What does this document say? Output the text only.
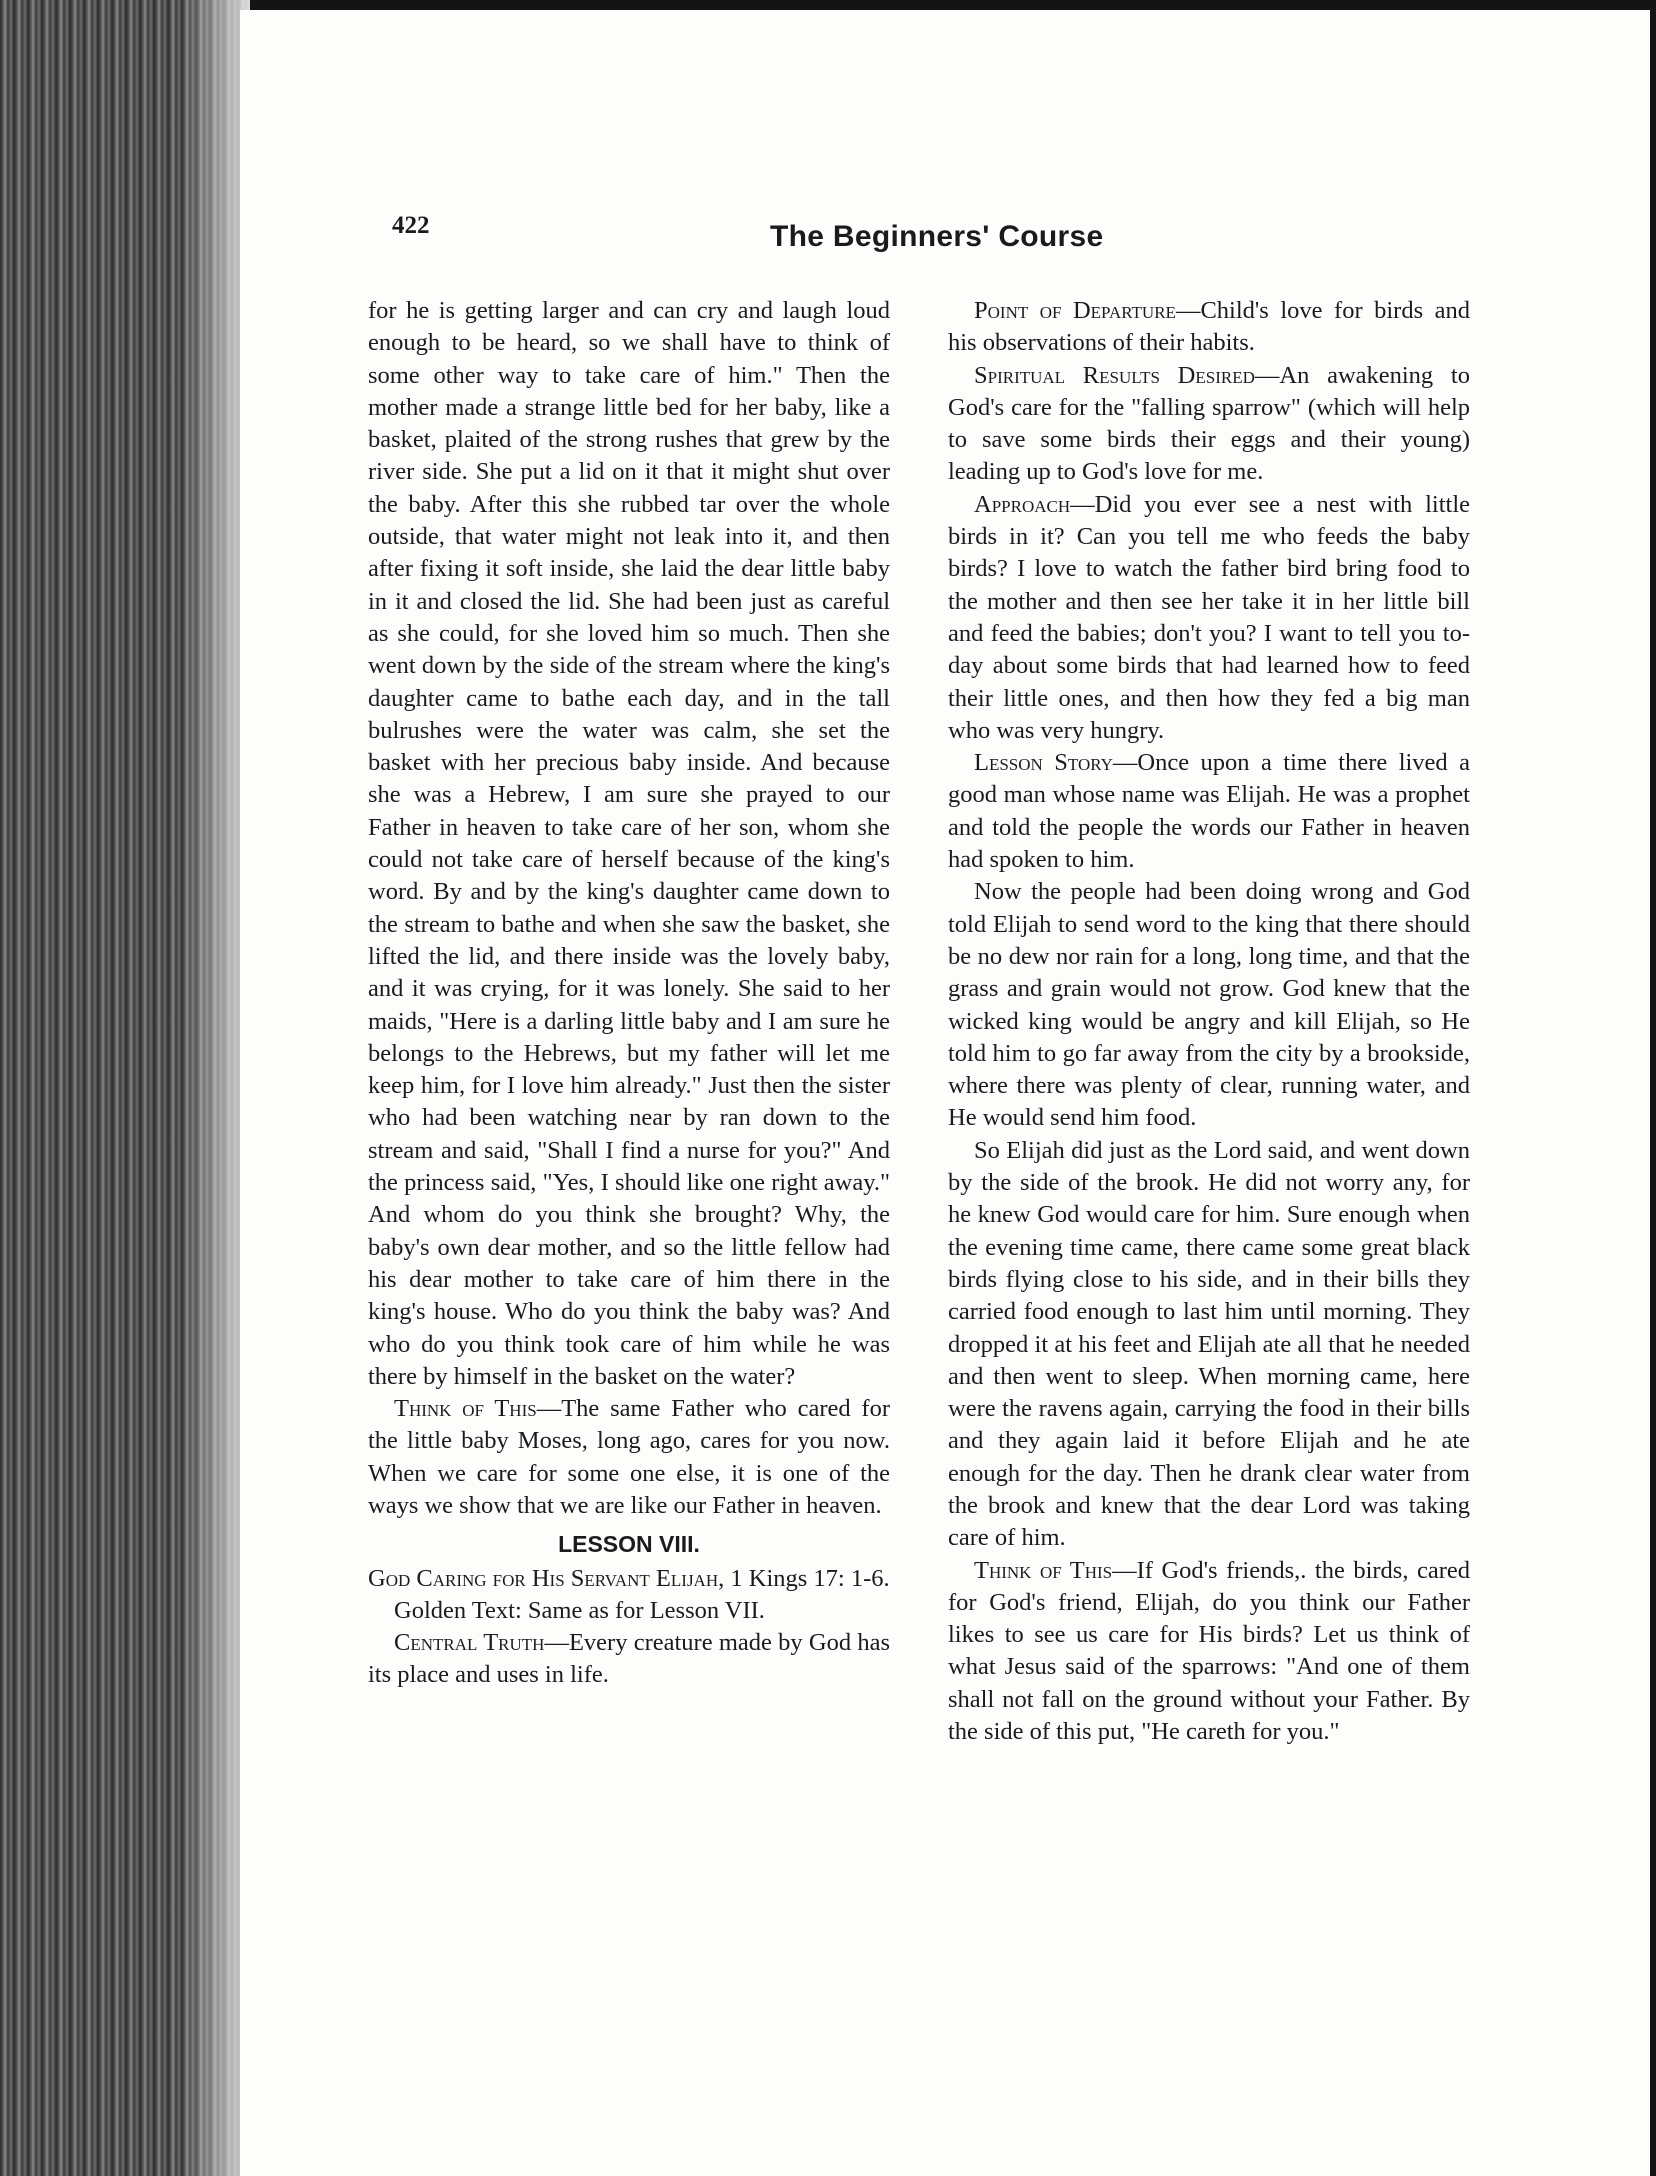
422	The Beginners' Course

for he is getting larger and can cry and laugh loud enough to be heard, so we shall have to think of some other way to take care of him." Then the mother made a strange little bed for her baby, like a basket, plaited of the strong rushes that grew by the river side. She put a lid on it that it might shut over the baby. After this she rubbed tar over the whole outside, that water might not leak into it, and then after fixing it soft inside, she laid the dear little baby in it and closed the lid. She had been just as careful as she could, for she loved him so much. Then she went down by the side of the stream where the king's daughter came to bathe each day, and in the tall bulrushes were the water was calm, she set the basket with her precious baby inside. And because she was a Hebrew, I am sure she prayed to our Father in heaven to take care of her son, whom she could not take care of herself because of the king's word. By and by the king's daughter came down to the stream to bathe and when she saw the basket, she lifted the lid, and there inside was the lovely baby, and it was crying, for it was lonely. She said to her maids, "Here is a darling little baby and I am sure he belongs to the Hebrews, but my father will let me keep him, for I love him already." Just then the sister who had been watching near by ran down to the stream and said, "Shall I find a nurse for you?" And the princess said, "Yes, I should like one right away." And whom do you think she brought? Why, the baby's own dear mother, and so the little fellow had his dear mother to take care of him there in the king's house. Who do you think the baby was? And who do you think took care of him while he was there by himself in the basket on the water?

Think of This—The same Father who cared for the little baby Moses, long ago, cares for you now. When we care for some one else, it is one of the ways we show that we are like our Father in heaven.

LESSON VIII.

God Caring for His Servant Elijah, 1 Kings 17: 1-6.

Golden Text: Same as for Lesson VII.

Central Truth—Every creature made by God has its place and uses in life.

Point of Departure—Child's love for birds and his observations of their habits.

Spiritual Results Desired—An awakening to God's care for the "falling sparrow" (which will help to save some birds their eggs and their young) leading up to God's love for me.

Approach—Did you ever see a nest with little birds in it? Can you tell me who feeds the baby birds? I love to watch the father bird bring food to the mother and then see her take it in her little bill and feed the babies; don't you? I want to tell you to-day about some birds that had learned how to feed their little ones, and then how they fed a big man who was very hungry.

Lesson Story—Once upon a time there lived a good man whose name was Elijah. He was a prophet and told the people the words our Father in heaven had spoken to him.

Now the people had been doing wrong and God told Elijah to send word to the king that there should be no dew nor rain for a long, long time, and that the grass and grain would not grow. God knew that the wicked king would be angry and kill Elijah, so He told him to go far away from the city by a brookside, where there was plenty of clear, running water, and He would send him food.

So Elijah did just as the Lord said, and went down by the side of the brook. He did not worry any, for he knew God would care for him. Sure enough when the evening time came, there came some great black birds flying close to his side, and in their bills they carried food enough to last him until morning. They dropped it at his feet and Elijah ate all that he needed and then went to sleep. When morning came, here were the ravens again, carrying the food in their bills and they again laid it before Elijah and he ate enough for the day. Then he drank clear water from the brook and knew that the dear Lord was taking care of him.

Think of This—If God's friends,. the birds, cared for God's friend, Elijah, do you think our Father likes to see us care for His birds? Let us think of what Jesus said of the sparrows: "And one of them shall not fall on the ground without your Father. By the side of this put, "He careth for you."
